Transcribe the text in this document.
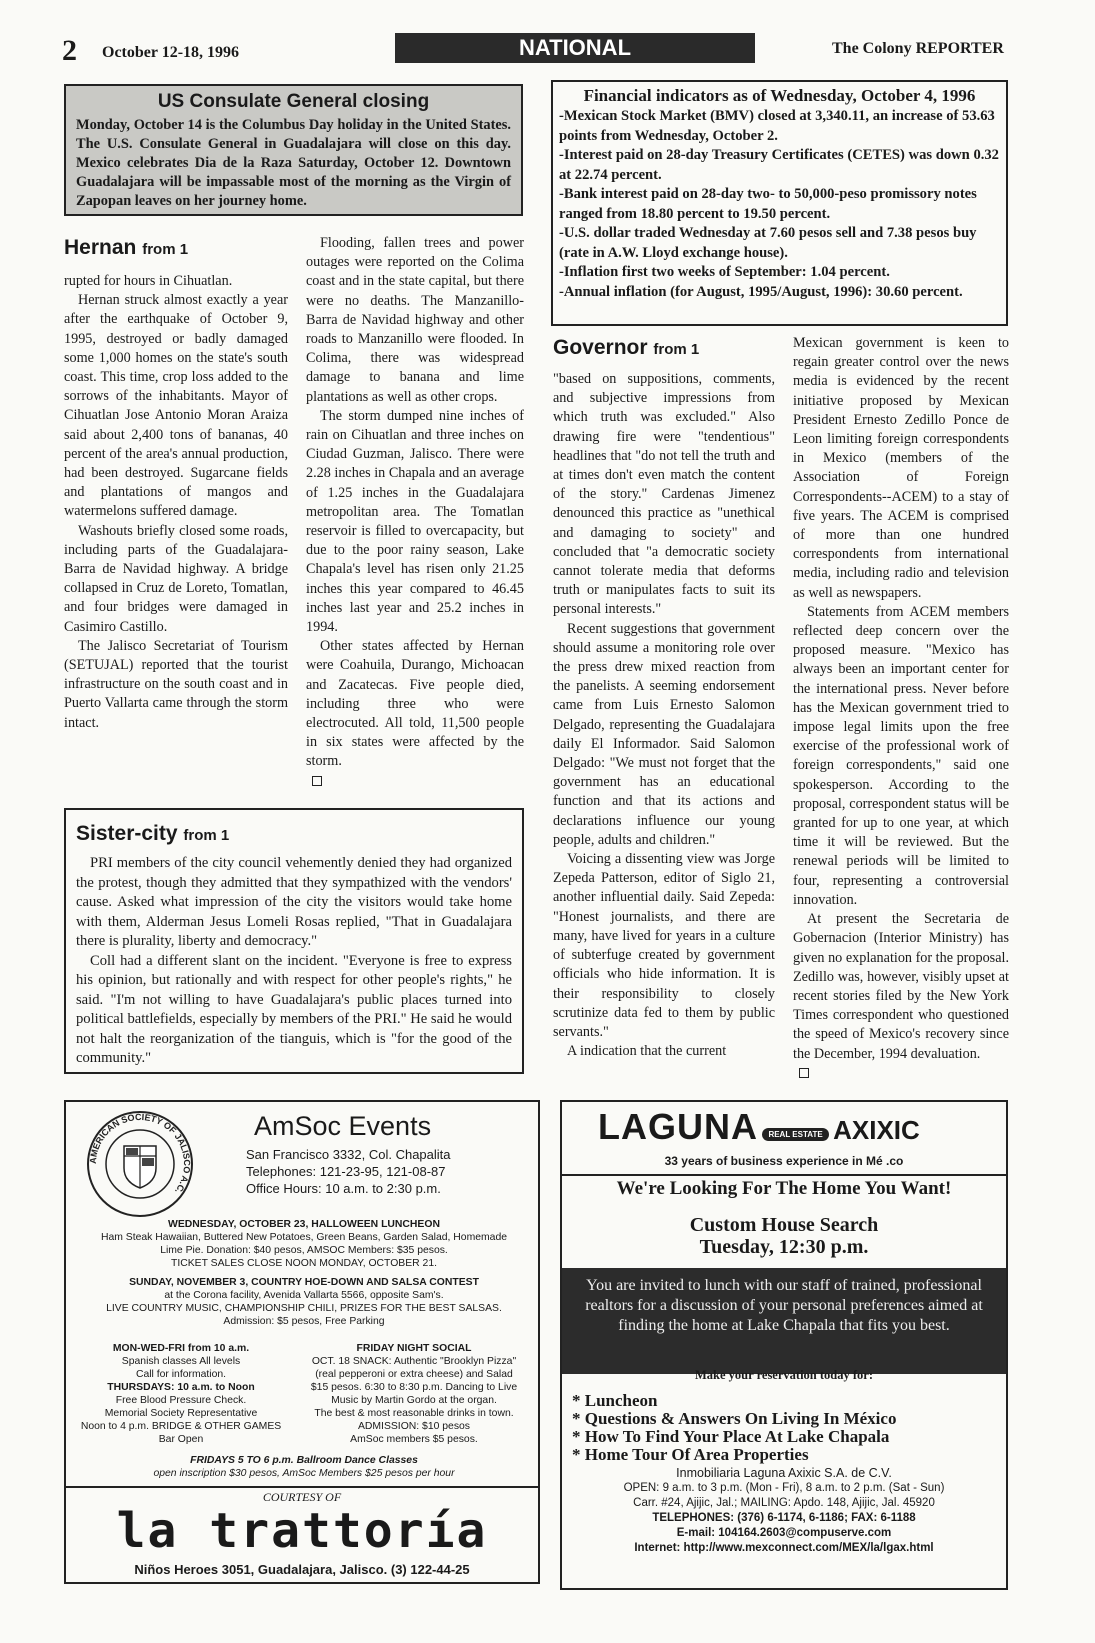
2 October 12-18, 1996	NATIONAL	The Colony REPORTER
US Consulate General closing
Monday, October 14 is the Columbus Day holiday in the United States. The U.S. Consulate General in Guadalajara will close on this day. Mexico celebrates Dia de la Raza Saturday, October 12. Downtown Guadalajara will be impassable most of the morning as the Virgin of Zapopan leaves on her journey home.
Financial indicators as of Wednesday, October 4, 1996

-Mexican Stock Market (BMV) closed at 3,340.11, an increase of 53.63 points from Wednesday, October 2.

-Interest paid on 28-day Treasury Certificates (CETES) was down 0.32 at 22.74 percent.

-Bank interest paid on 28-day two- to 50,000-peso promissory notes ranged from 18.80 percent to 19.50 percent.

-U.S. dollar traded Wednesday at 7.60 pesos sell and 7.38 pesos buy (rate in A.W. Lloyd exchange house).

-Inflation first two weeks of September: 1.04 percent.

-Annual inflation (for August, 1995/August, 1996): 30.60 percent.

Hernan from 1

rupted for hours in Cihuatlan.

Hernan struck almost exactly a year after the earthquake of October 9, 1995, destroyed or badly damaged some 1,000 homes on the state's south coast. This time, crop loss added to the sorrows of the inhabitants. Mayor of Cihuatlan Jose Antonio Moran Araiza said about 2,400 tons of bananas, 40 percent of the area's annual production, had been destroyed. Sugarcane fields and plantations of mangos and watermelons suffered damage.

Washouts briefly closed some roads, including parts of the Guadalajara-Barra de Navidad highway. A bridge collapsed in Cruz de Loreto, Tomatlan, and four bridges were damaged in Casimiro Castillo.

The Jalisco Secretariat of Tourism (SETUJAL) reported that the tourist infrastructure on the south coast and in Puerto Vallarta came through the storm intact.

Flooding, fallen trees and power outages were reported on the Colima coast and in the state capital, but there were no deaths. The Manzanillo-Barra de Navidad highway and other roads to Manzanillo were flooded. In Colima, there was widespread damage to banana and lime plantations as well as other crops.

The storm dumped nine inches of rain on Cihuatlan and three inches on Ciudad Guzman, Jalisco. There were 2.28 inches in Chapala and an average of 1.25 inches in the Guadalajara metropolitan area. The Tomatlan reservoir is filled to overcapacity, but due to the poor rainy season, Lake Chapala's level has risen only 21.25 inches this year compared to 46.45 inches last year and 25.2 inches in 1994.

Other states affected by Hernan were Coahuila, Durango, Michoacan and Zacatecas. Five people died, including three who were electrocuted. All told, 11,500 people in six states were affected by the storm.

Sister-city from 1

PRI members of the city council vehemently denied they had organized the protest, though they admitted that they sympathized with the vendors' cause. Asked what impression of the city the visitors would take home with them, Alderman Jesus Lomeli Rosas replied, "That in Guadalajara there is plurality, liberty and democracy."

Coll had a different slant on the incident. "Everyone is free to express his opinion, but rationally and with respect for other people's rights," he said. "I'm not willing to have Guadalajara's public places turned into political battlefields, especially by members of the PRI." He said he would not halt the reorganization of the tianguis, which is "for the good of the community."

Governor from 1

"based on suppositions, comments, and subjective impressions from which truth was excluded." Also drawing fire were "tendentious" headlines that "do not tell the truth and at times don't even match the content of the story." Cardenas Jimenez denounced this practice as "unethical and damaging to society" and concluded that "a democratic society cannot tolerate media that deforms truth or manipulates facts to suit its personal interests."

Recent suggestions that government should assume a monitoring role over the press drew mixed reaction from the panelists. A seeming endorsement came from Luis Ernesto Salomon Delgado, representing the Guadalajara daily El Informador. Said Salomon Delgado: "We must not forget that the government has an educational function and that its actions and declarations influence our young people, adults and children."

Voicing a dissenting view was Jorge Zepeda Patterson, editor of Siglo 21, another influential daily. Said Zepeda: "Honest journalists, and there are many, have lived for years in a culture of subterfuge created by government officials who hide information. It is their responsibility to closely scrutinize data fed to them by public servants."

A indication that the current

Mexican government is keen to regain greater control over the news media is evidenced by the recent initiative proposed by Mexican President Ernesto Zedillo Ponce de Leon limiting foreign correspondents in Mexico (members of the Association of Foreign Correspondents--ACEM) to a stay of five years. The ACEM is comprised of more than one hundred correspondents from international media, including radio and television as well as newspapers.

Statements from ACEM members reflected deep concern over the proposed measure. "Mexico has always been an important center for the international press. Never before has the Mexican government tried to impose legal limits upon the free exercise of the professional work of foreign correspondents," said one spokesperson. According to the proposal, correspondent status will be granted for up to one year, at which time it will be reviewed. But the renewal periods will be limited to four, representing a controversial innovation.

At present the Secretaria de Gobernacion (Interior Ministry) has given no explanation for the proposal. Zedillo was, however, visibly upset at recent stories filed by the New York Times correspondent who questioned the speed of Mexico's recovery since the December, 1994 devaluation.

AMERICAN SOCIETY OF JALISCO A.C.
AmSoc Events
San Francisco 3332, Col. Chapalita
Telephones: 121-23-95, 121-08-87
Office Hours: 10 a.m. to 2:30 p.m.

WEDNESDAY, OCTOBER 23, HALLOWEEN LUNCHEON

Ham Steak Hawaiian, Buttered New Potatoes, Green Beans, Garden Salad, Homemade

Lime Pie. Donation: $40 pesos, AMSOC Members: $35 pesos.

TICKET SALES CLOSE NOON MONDAY, OCTOBER 21.

SUNDAY, NOVEMBER 3, COUNTRY HOE-DOWN AND SALSA CONTEST

at the Corona facility, Avenida Vallarta 5566, opposite Sam's.

LIVE COUNTRY MUSIC, CHAMPIONSHIP CHILI, PRIZES FOR THE BEST SALSAS.

Admission: $5 pesos, Free Parking

MON-WED-FRI from 10 a.m.

Spanish classes All levels

Call for information.

THURSDAYS: 10 a.m. to Noon

Free Blood Pressure Check.

Memorial Society Representative

Noon to 4 p.m. BRIDGE & OTHER GAMES

Bar Open

FRIDAY NIGHT SOCIAL

OCT. 18 SNACK: Authentic "Brooklyn Pizza"

(real pepperoni or extra cheese) and Salad

$15 pesos. 6:30 to 8:30 p.m. Dancing to Live

Music by Martin Gordo at the organ.

The best & most reasonable drinks in town.

ADMISSION: $10 pesos

AmSoc members $5 pesos.

FRIDAYS 5 TO 6 p.m. Ballroom Dance Classes

open inscription $30 pesos, AmSoc Members $25 pesos per hour

COURTESY OF
la trattoría
Niños Heroes 3051, Guadalajara, Jalisco. (3) 122-44-25
LAGUNA REAL ESTATE AXIXIC
33 years of business experience in Mé .co
We're Looking For The Home You Want!
Custom House Search
Tuesday, 12:30 p.m.
You are invited to lunch with our staff of trained, professional realtors for a discussion of your personal preferences aimed at finding the home at Lake Chapala that fits you best.
Make your reservation today for:
* Luncheon
* Questions & Answers On Living In México
* How To Find Your Place At Lake Chapala
* Home Tour Of Area Properties
Inmobiliaria Laguna Axixic S.A. de C.V.
OPEN: 9 a.m. to 3 p.m. (Mon - Fri), 8 a.m. to 2 p.m. (Sat - Sun)
Carr. #24, Ajijic, Jal.; MAILING: Apdo. 148, Ajijic, Jal. 45920
TELEPHONES: (376) 6-1174, 6-1186; FAX: 6-1188
E-mail: 104164.2603@compuserve.com
Internet: http://www.mexconnect.com/MEX/la/lgax.html
